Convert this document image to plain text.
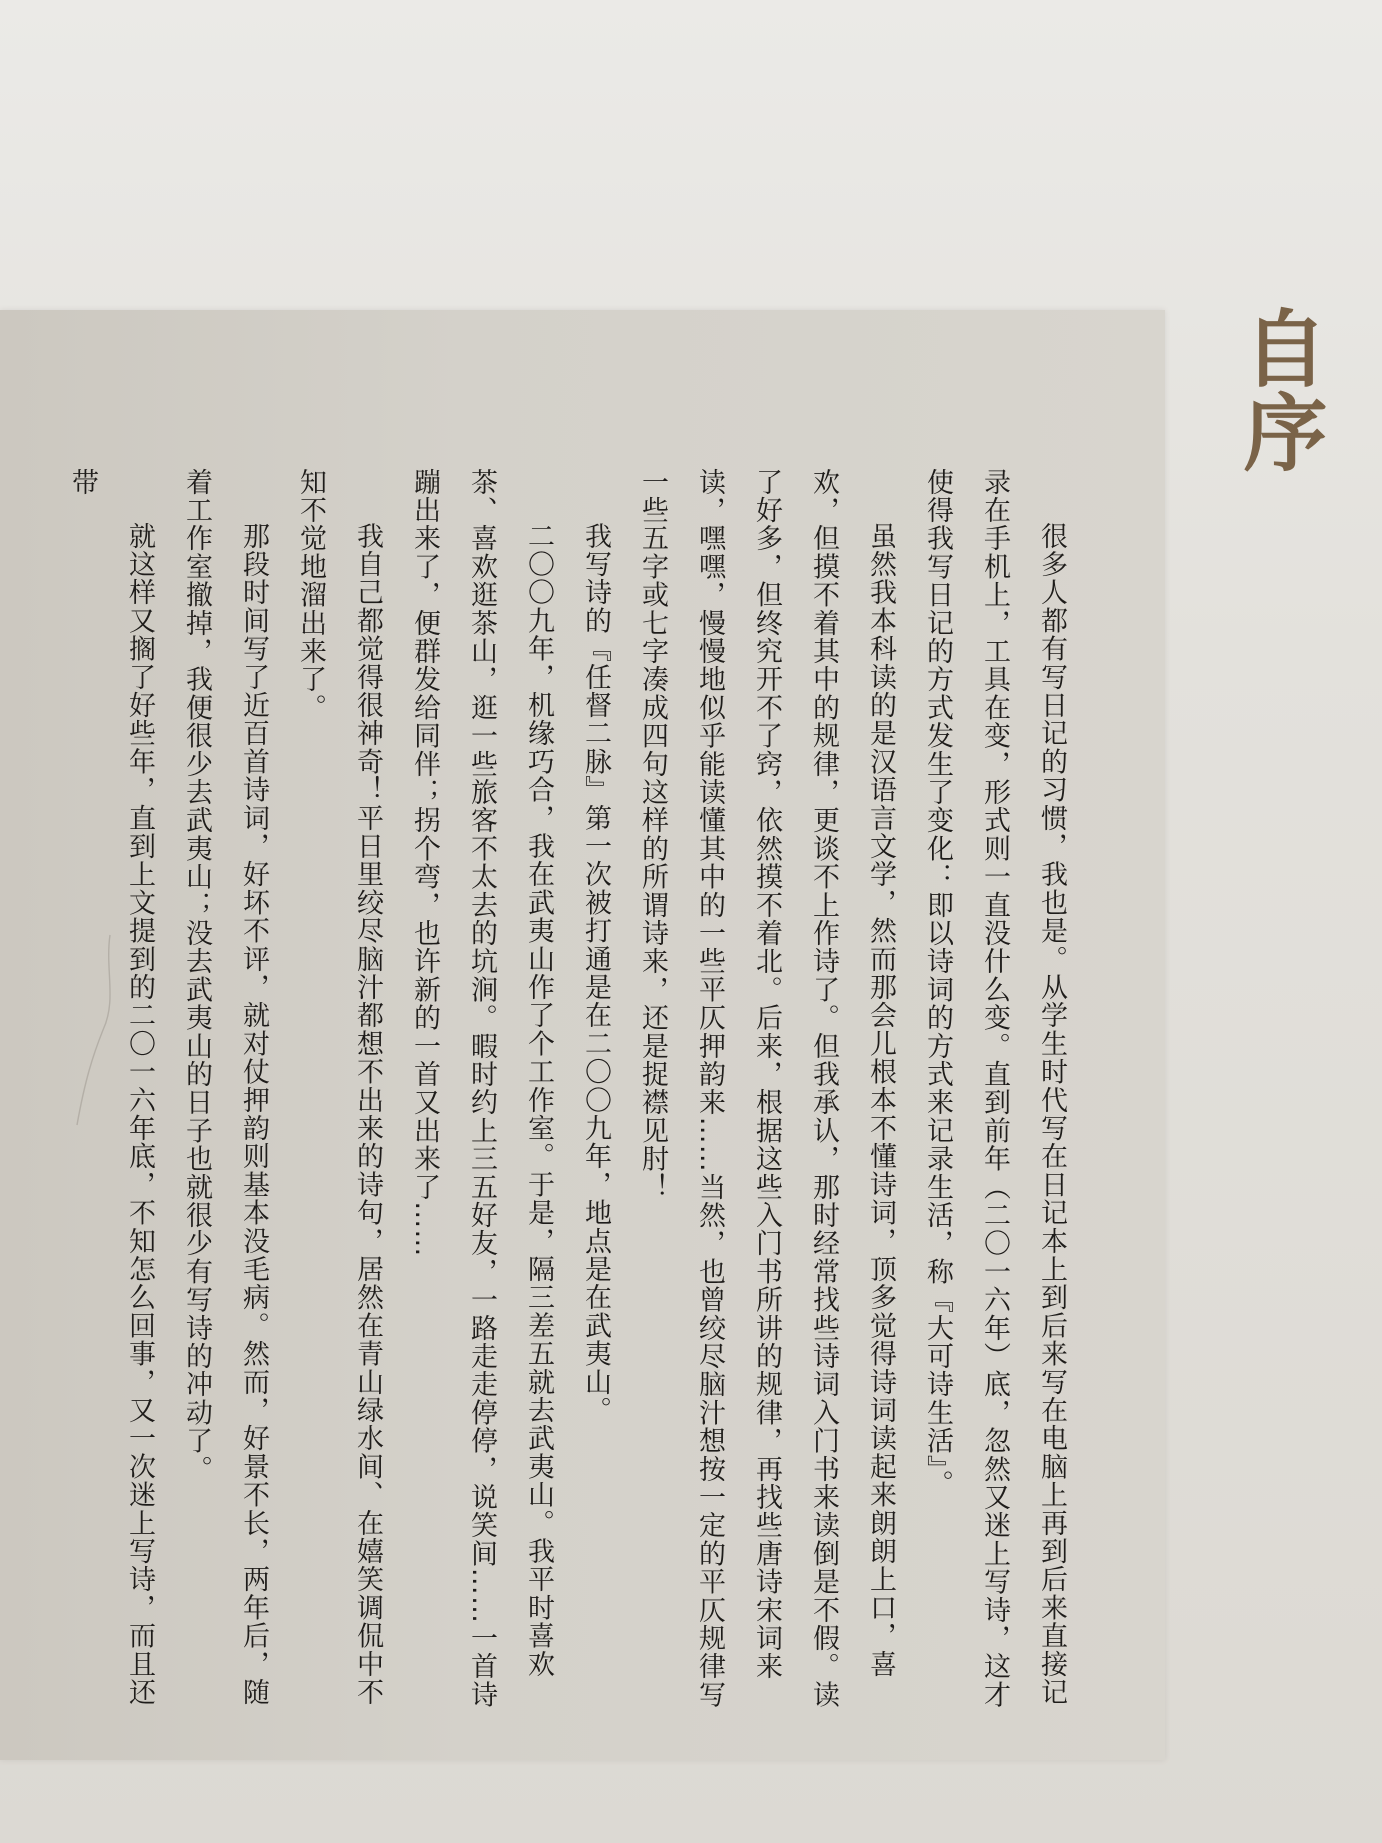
自序

很多人都有写日记的习惯，我也是。从学生时代写在日记本上到后来写在电脑上再到后来直接记录在手机上，工具在变，形式则一直没什么变。直到前年（二〇一六年）底，忽然又迷上写诗，这才使得我写日记的方式发生了变化：即以诗词的方式来记录生活，称『大可诗生活』。

虽然我本科读的是汉语言文学，然而那会儿根本不懂诗词，顶多觉得诗词读起来朗朗上口，喜欢，但摸不着其中的规律，更谈不上作诗了。但我承认，那时经常找些诗词入门书来读倒是不假。读了好多，但终究开不了窍，依然摸不着北。后来，根据这些入门书所讲的规律，再找些唐诗宋词来读，嘿嘿，慢慢地似乎能读懂其中的一些平仄押韵来……当然，也曾绞尽脑汁想按一定的平仄规律写一些五字或七字凑成四句这样的所谓诗来，还是捉襟见肘！

我写诗的『任督二脉』第一次被打通是在二〇〇九年，地点是在武夷山。

二〇〇九年，机缘巧合，我在武夷山作了个工作室。于是，隔三差五就去武夷山。我平时喜欢茶、喜欢逛茶山，逛一些旅客不太去的坑涧。暇时约上三五好友，一路走走停停，说笑间……一首诗蹦出来了，便群发给同伴；拐个弯，也许新的一首又出来了……

我自己都觉得很神奇！平日里绞尽脑汁都想不出来的诗句，居然在青山绿水间、在嬉笑调侃中不知不觉地溜出来了。

那段时间写了近百首诗词，好坏不评，就对仗押韵则基本没毛病。然而，好景不长，两年后，随着工作室撤掉，我便很少去武夷山；没去武夷山的日子也就很少有写诗的冲动了。

就这样又搁了好些年，直到上文提到的二〇一六年底，不知怎么回事，又一次迷上写诗，而且还带
